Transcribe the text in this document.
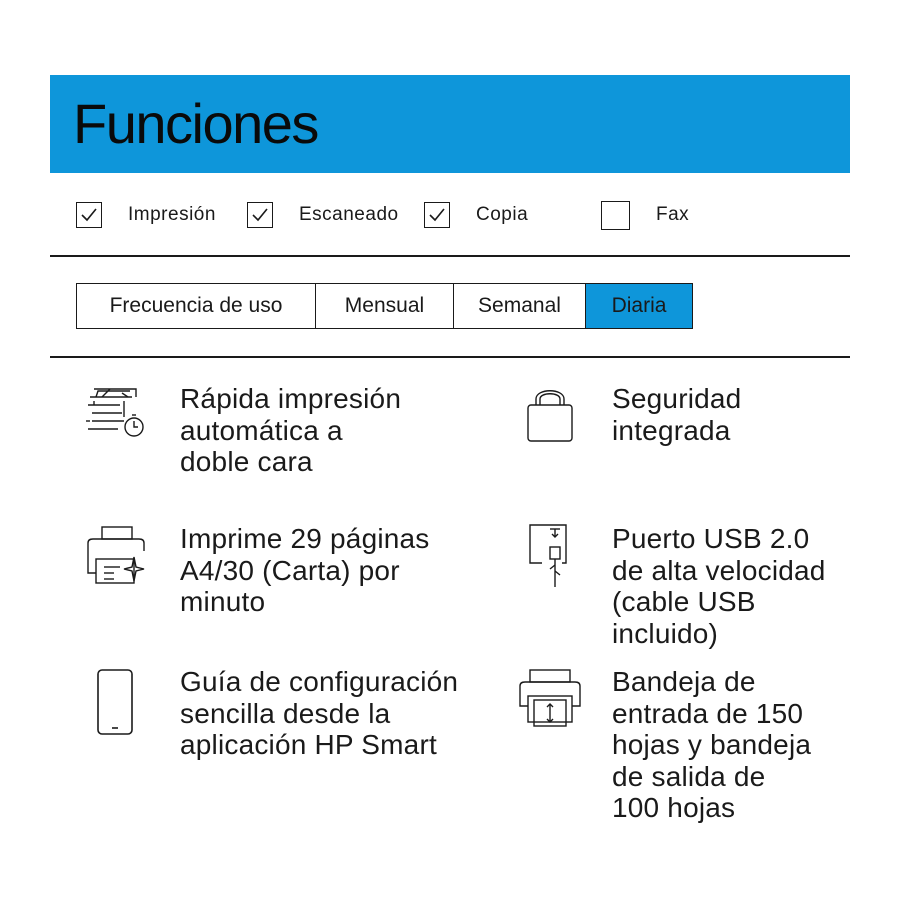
Funciones
Impresión	Escaneado	Copia	Fax
Frecuencia de uso	Mensual	Semanal	Diaria
Rápida impresión
automática a
doble cara
Seguridad
integrada
Imprime 29 páginas
A4/30 (Carta) por
minuto
Puerto USB 2.0
de alta velocidad
(cable USB
incluido)
Guía de configuración
sencilla desde la
aplicación HP Smart
Bandeja de
entrada de 150
hojas y bandeja
de salida de
100 hojas
